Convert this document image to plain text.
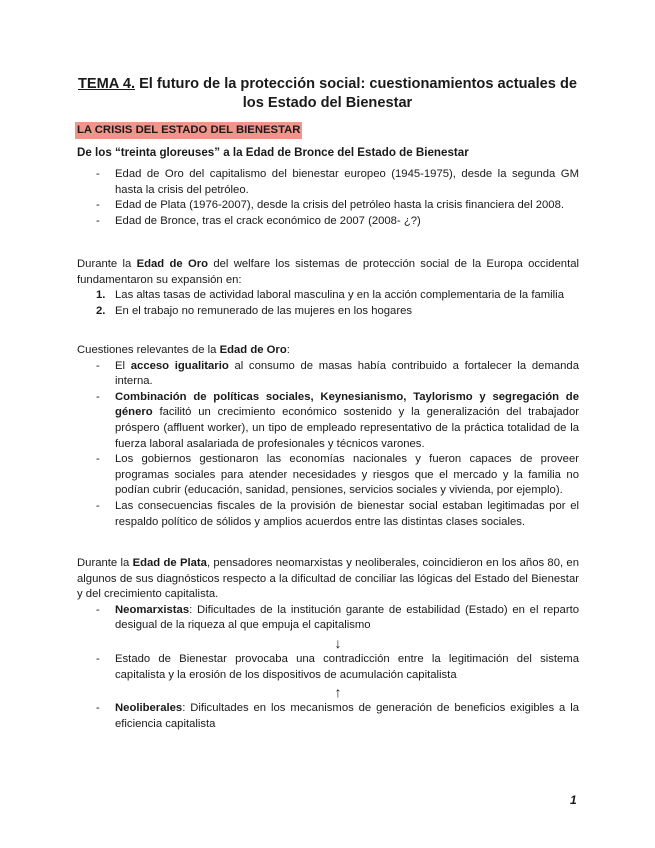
TEMA 4. El futuro de la protección social: cuestionamientos actuales de los Estado del Bienestar
LA CRISIS DEL ESTADO DEL BIENESTAR
De los “treinta gloreuses” a la Edad de Bronce del Estado de Bienestar
-	Edad de Oro del capitalismo del bienestar europeo (1945-1975), desde la segunda GM hasta la crisis del petróleo.
-	Edad de Plata (1976-2007), desde la crisis del petróleo hasta la crisis financiera del 2008.
-	Edad de Bronce, tras el crack económico de 2007 (2008- ¿?)

Durante la Edad de Oro del welfare los sistemas de protección social de la Europa occidental fundamentaron su expansión en:

1. Las altas tasas de actividad laboral masculina y en la acción complementaria de la familia
2. En el trabajo no remunerado de las mujeres en los hogares

Cuestiones relevantes de la Edad de Oro:

-	El acceso igualitario al consumo de masas había contribuido a fortalecer la demanda interna.
-	Combinación de políticas sociales, Keynesianismo, Taylorismo y segregación de género facilitó un crecimiento económico sostenido y la generalización del trabajador próspero (affluent worker), un tipo de empleado representativo de la práctica totalidad de la fuerza laboral asalariada de profesionales y técnicos varones.
-	Los gobiernos gestionaron las economías nacionales y fueron capaces de proveer programas sociales para atender necesidades y riesgos que el mercado y la familia no podían cubrir (educación, sanidad, pensiones, servicios sociales y vivienda, por ejemplo).
-	Las consecuencias fiscales de la provisión de bienestar social estaban legitimadas por el respaldo político de sólidos y amplios acuerdos entre las distintas clases sociales.

Durante la Edad de Plata, pensadores neomarxistas y neoliberales, coincidieron en los años 80, en algunos de sus diagnósticos respecto a la dificultad de conciliar las lógicas del Estado del Bienestar y del crecimiento capitalista.

-	Neomarxistas: Dificultades de la institución garante de estabilidad (Estado) en el reparto desigual de la riqueza al que empuja el capitalismo
↓
-	Estado de Bienestar provocaba una contradicción entre la legitimación del sistema capitalista y la erosión de los dispositivos de acumulación capitalista
↑
-	Neoliberales: Dificultades en los mecanismos de generación de beneficios exigibles a la eficiencia capitalista
1
